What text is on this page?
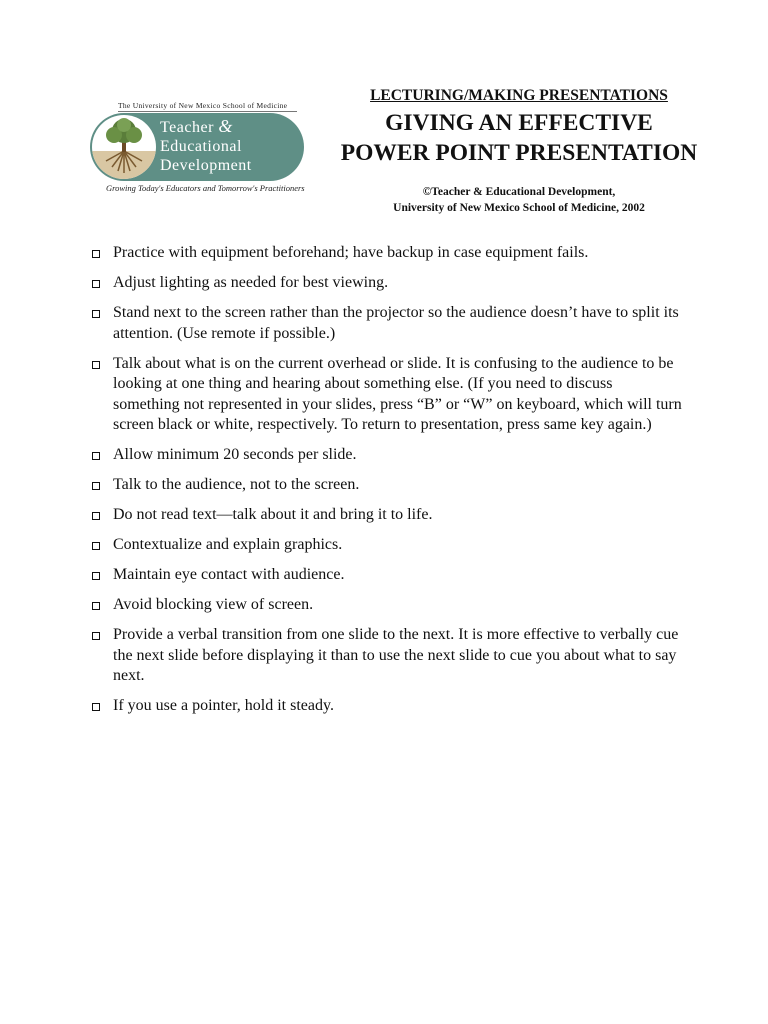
The University of New Mexico School of Medicine
Teacher &
Educational
Development
Growing Today's Educators and Tomorrow's Practitioners
LECTURING/MAKING PRESENTATIONS
GIVING AN EFFECTIVE
POWER POINT PRESENTATION
©Teacher & Educational Development,
University of New Mexico School of Medicine, 2002
Practice with equipment beforehand; have backup in case equipment fails.
Adjust lighting as needed for best viewing.
Stand next to the screen rather than the projector so the audience doesn’t have to split its attention. (Use remote if possible.)
Talk about what is on the current overhead or slide. It is confusing to the audience to be looking at one thing and hearing about something else. (If you need to discuss something not represented in your slides, press “B” or “W” on keyboard, which will turn screen black or white, respectively. To return to presentation, press same key again.)
Allow minimum 20 seconds per slide.
Talk to the audience, not to the screen.
Do not read text—talk about it and bring it to life.
Contextualize and explain graphics.
Maintain eye contact with audience.
Avoid blocking view of screen.
Provide a verbal transition from one slide to the next. It is more effective to verbally cue the next slide before displaying it than to use the next slide to cue you about what to say next.
If you use a pointer, hold it steady.
